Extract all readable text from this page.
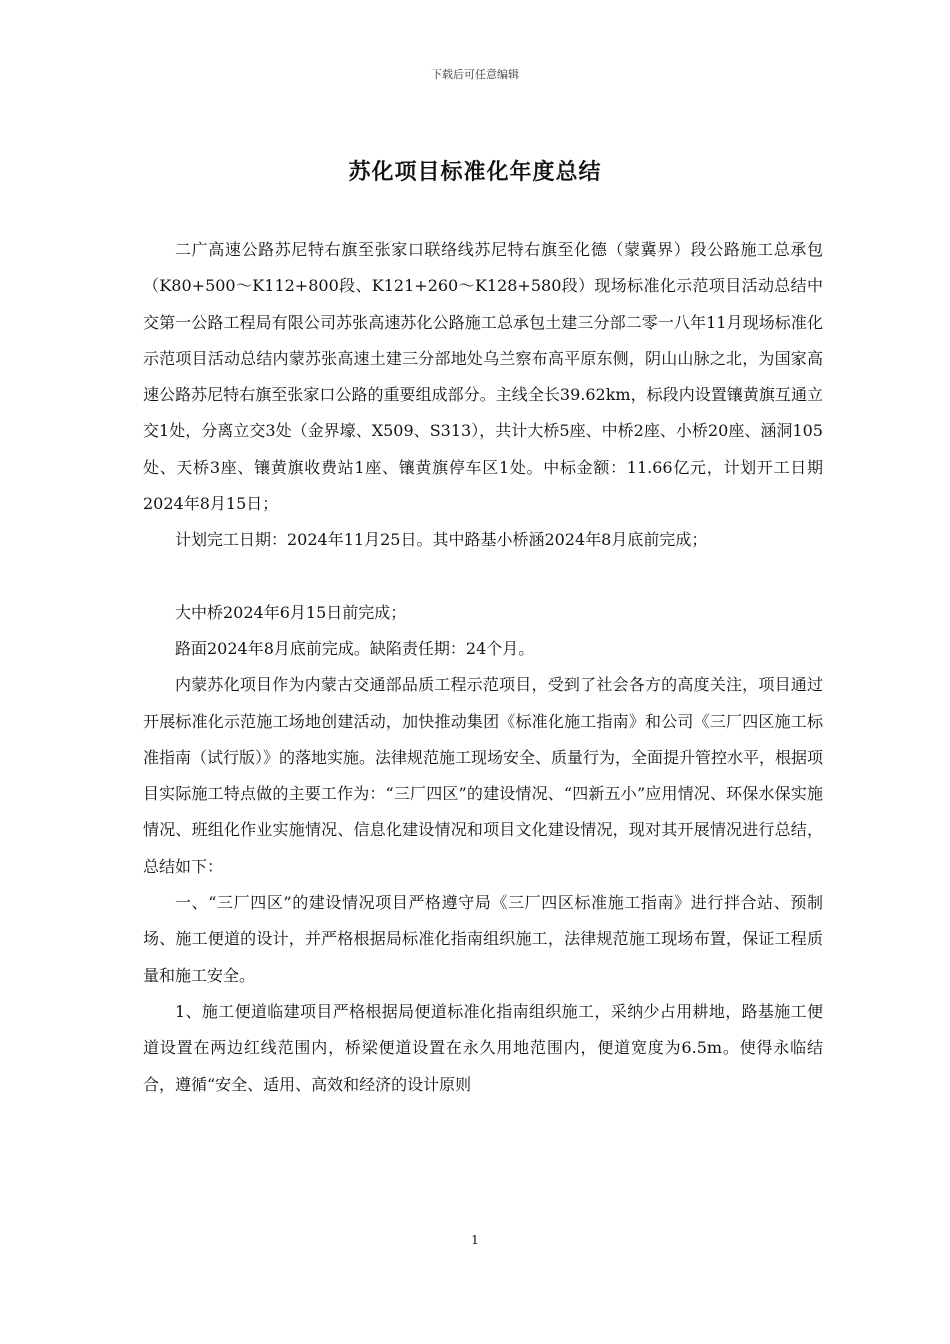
下载后可任意编辑
苏化项目标准化年度总结

二广高速公路苏尼特右旗至张家口联络线苏尼特右旗至化德（蒙冀界）段公路施工总承包（K80+500～K112+800段、K121+260～K128+580段）现场标准化示范项目活动总结中交第一公路工程局有限公司苏张高速苏化公路施工总承包土建三分部二零一八年11月现场标准化示范项目活动总结内蒙苏张高速土建三分部地处乌兰察布高平原东侧，阴山山脉之北，为国家高速公路苏尼特右旗至张家口公路的重要组成部分。主线全长39.62km，标段内设置镶黄旗互通立交1处，分离立交3处（金界壕、X509、S313），共计大桥5座、中桥2座、小桥20座、涵洞105处、天桥3座、镶黄旗收费站1座、镶黄旗停车区1处。中标金额：11.66亿元，计划开工日期2024年8月15日；

计划完工日期：2024年11月25日。其中路基小桥涵2024年8月底前完成；

大中桥2024年6月15日前完成；

路面2024年8月底前完成。缺陷责任期：24个月。

内蒙苏化项目作为内蒙古交通部品质工程示范项目，受到了社会各方的高度关注，项目通过开展标准化示范施工场地创建活动，加快推动集团《标准化施工指南》和公司《三厂四区施工标准指南（试行版）》的落地实施。法律规范施工现场安全、质量行为，全面提升管控水平，根据项目实际施工特点做的主要工作为：“三厂四区”的建设情况、“四新五小”应用情况、环保水保实施情况、班组化作业实施情况、信息化建设情况和项目文化建设情况，现对其开展情况进行总结，总结如下：

一、“三厂四区”的建设情况项目严格遵守局《三厂四区标准施工指南》进行拌合站、预制场、施工便道的设计，并严格根据局标准化指南组织施工，法律规范施工现场布置，保证工程质量和施工安全。

1、施工便道临建项目严格根据局便道标准化指南组织施工，采纳少占用耕地，路基施工便道设置在两边红线范围内，桥梁便道设置在永久用地范围内，便道宽度为6.5m。使得永临结合，遵循“安全、适用、高效和经济的设计原则

1
